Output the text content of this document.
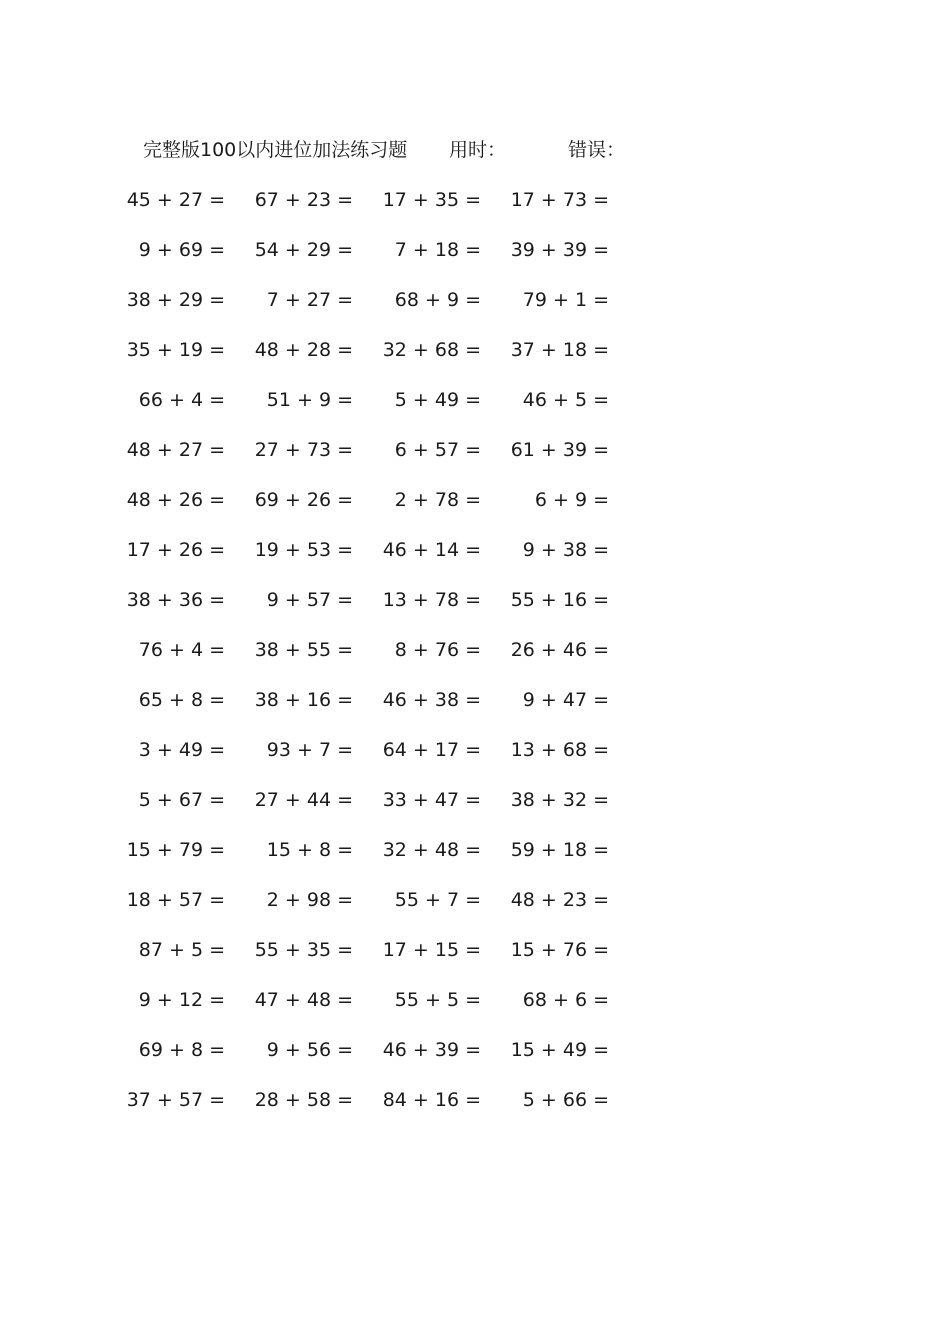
完整版100以内进位加法练习题 用时：	错误：
45 + 27 =	67 + 23 =	17 + 35 =	17 + 73 =
9 + 69 =	54 + 29 =	7 + 18 =	39 + 39 =
38 + 29 =	7 + 27 =	68 + 9 =	79 + 1 =
35 + 19 =	48 + 28 =	32 + 68 =	37 + 18 =
66 + 4 =	51 + 9 =	5 + 49 =	46 + 5 =
48 + 27 =	27 + 73 =	6 + 57 =	61 + 39 =
48 + 26 =	69 + 26 =	2 + 78 =	6 + 9 =
17 + 26 =	19 + 53 =	46 + 14 =	9 + 38 =
38 + 36 =	9 + 57 =	13 + 78 =	55 + 16 =
76 + 4 =	38 + 55 =	8 + 76 =	26 + 46 =
65 + 8 =	38 + 16 =	46 + 38 =	9 + 47 =
3 + 49 =	93 + 7 =	64 + 17 =	13 + 68 =
5 + 67 =	27 + 44 =	33 + 47 =	38 + 32 =
15 + 79 =	15 + 8 =	32 + 48 =	59 + 18 =
18 + 57 =	2 + 98 =	55 + 7 =	48 + 23 =
87 + 5 =	55 + 35 =	17 + 15 =	15 + 76 =
9 + 12 =	47 + 48 =	55 + 5 =	68 + 6 =
69 + 8 =	9 + 56 =	46 + 39 =	15 + 49 =
37 + 57 =	28 + 58 =	84 + 16 =	5 + 66 =
